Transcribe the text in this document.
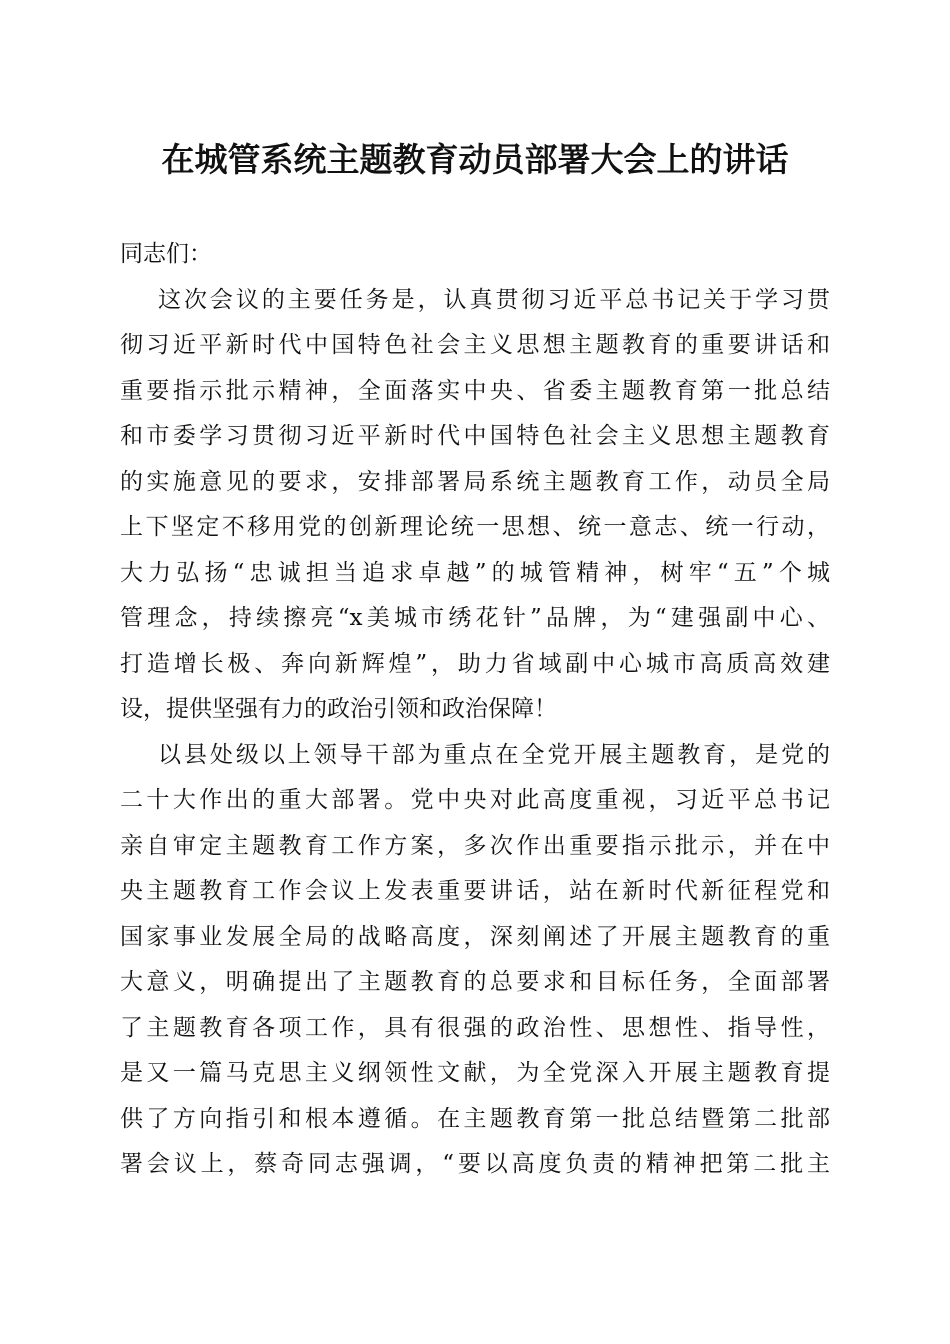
在城管系统主题教育动员部署大会上的讲话
同志们：
这次会议的主要任务是，认真贯彻习近平总书记关于学习贯
彻习近平新时代中国特色社会主义思想主题教育的重要讲话和
重要指示批示精神，全面落实中央、省委主题教育第一批总结
和市委学习贯彻习近平新时代中国特色社会主义思想主题教育
的实施意见的要求，安排部署局系统主题教育工作，动员全局
上下坚定不移用党的创新理论统一思想、统一意志、统一行动，
大力弘扬“忠诚担当追求卓越”的城管精神，树牢“五”个城
管理念，持续擦亮“x美城市绣花针”品牌，为“建强副中心、
打造增长极、奔向新辉煌”，助力省域副中心城市高质高效建
设，提供坚强有力的政治引领和政治保障！
以县处级以上领导干部为重点在全党开展主题教育，是党的
二十大作出的重大部署。党中央对此高度重视，习近平总书记
亲自审定主题教育工作方案，多次作出重要指示批示，并在中
央主题教育工作会议上发表重要讲话，站在新时代新征程党和
国家事业发展全局的战略高度，深刻阐述了开展主题教育的重
大意义，明确提出了主题教育的总要求和目标任务，全面部署
了主题教育各项工作，具有很强的政治性、思想性、指导性，
是又一篇马克思主义纲领性文献，为全党深入开展主题教育提
供了方向指引和根本遵循。在主题教育第一批总结暨第二批部
署会议上，蔡奇同志强调，“要以高度负责的精神把第二批主
